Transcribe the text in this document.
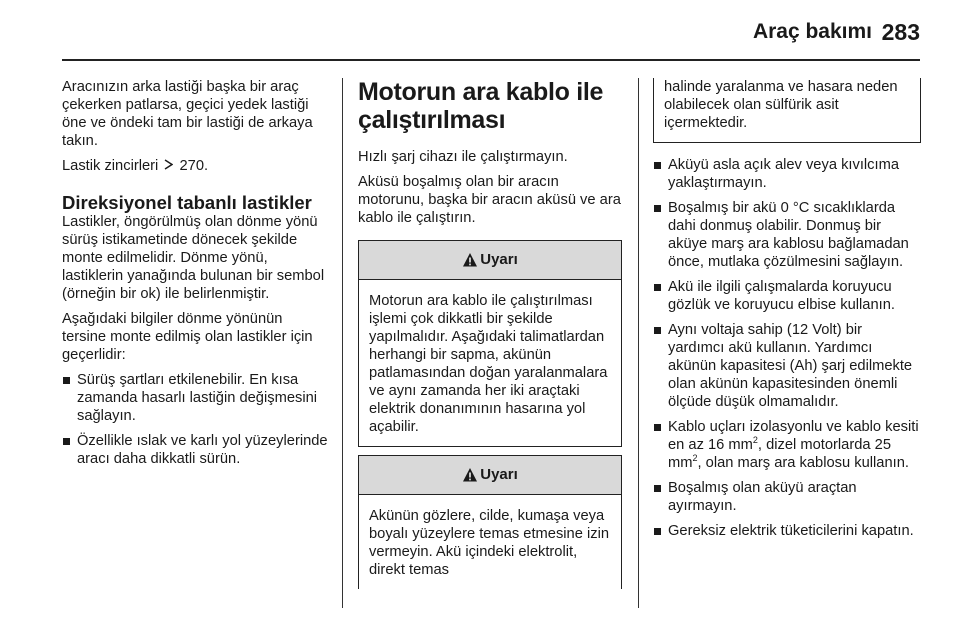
Araç bakımı 283

Aracınızın arka lastiği başka bir araç çekerken patlarsa, geçici yedek lastiği öne ve öndeki tam bir lastiği de arkaya takın.

Lastik zincirleri 270.

Direksiyonel tabanlı lastikler

Lastikler, öngörülmüş olan dönme yönü sürüş istikametinde dönecek şekilde monte edilmelidir. Dönme yönü, lastiklerin yanağında bulunan bir sembol (örneğin bir ok) ile belirlenmiştir.

Aşağıdaki bilgiler dönme yönünün tersine monte edilmiş olan lastikler için geçerlidir:

Sürüş şartları etkilenebilir. En kısa zamanda hasarlı lastiğin değişmesini sağlayın.
Özellikle ıslak ve karlı yol yüzeylerinde aracı daha dikkatli sürün.
Motorun ara kablo ile çalıştırılması

Hızlı şarj cihazı ile çalıştırmayın.

Aküsü boşalmış olan bir aracın motorunu, başka bir aracın aküsü ve ara kablo ile çalıştırın.

Uyarı
Motorun ara kablo ile çalıştırılması işlemi çok dikkatli bir şekilde yapılmalıdır. Aşağıdaki talimatlardan herhangi bir sapma, akünün patlamasından doğan yaralanmalara ve aynı zamanda her iki araçtaki elektrik donanımının hasarına yol açabilir.
Uyarı
Akünün gözlere, cilde, kumaşa veya boyalı yüzeylere temas etmesine izin vermeyin. Akü içindeki elektrolit, direkt temas
halinde yaralanma ve hasara neden olabilecek olan sülfürik asit içermektedir.
Aküyü asla açık alev veya kıvılcıma yaklaştırmayın.
Boşalmış bir akü 0 °C sıcaklıklarda dahi donmuş olabilir. Donmuş bir aküye marş ara kablosu bağlamadan önce, mutlaka çözülmesini sağlayın.
Akü ile ilgili çalışmalarda koruyucu gözlük ve koruyucu elbise kullanın.
Aynı voltaja sahip (12 Volt) bir yardımcı akü kullanın. Yardımcı akünün kapasitesi (Ah) şarj edilmekte olan akünün kapasitesinden önemli ölçüde düşük olmamalıdır.
Kablo uçları izolasyonlu ve kablo kesiti en az 16 $mm^2$, dizel motorlarda 25 $mm^2$, olan marş ara kablosu kullanın.
Boşalmış olan aküyü araçtan ayırmayın.
Gereksiz elektrik tüketicilerini kapatın.
